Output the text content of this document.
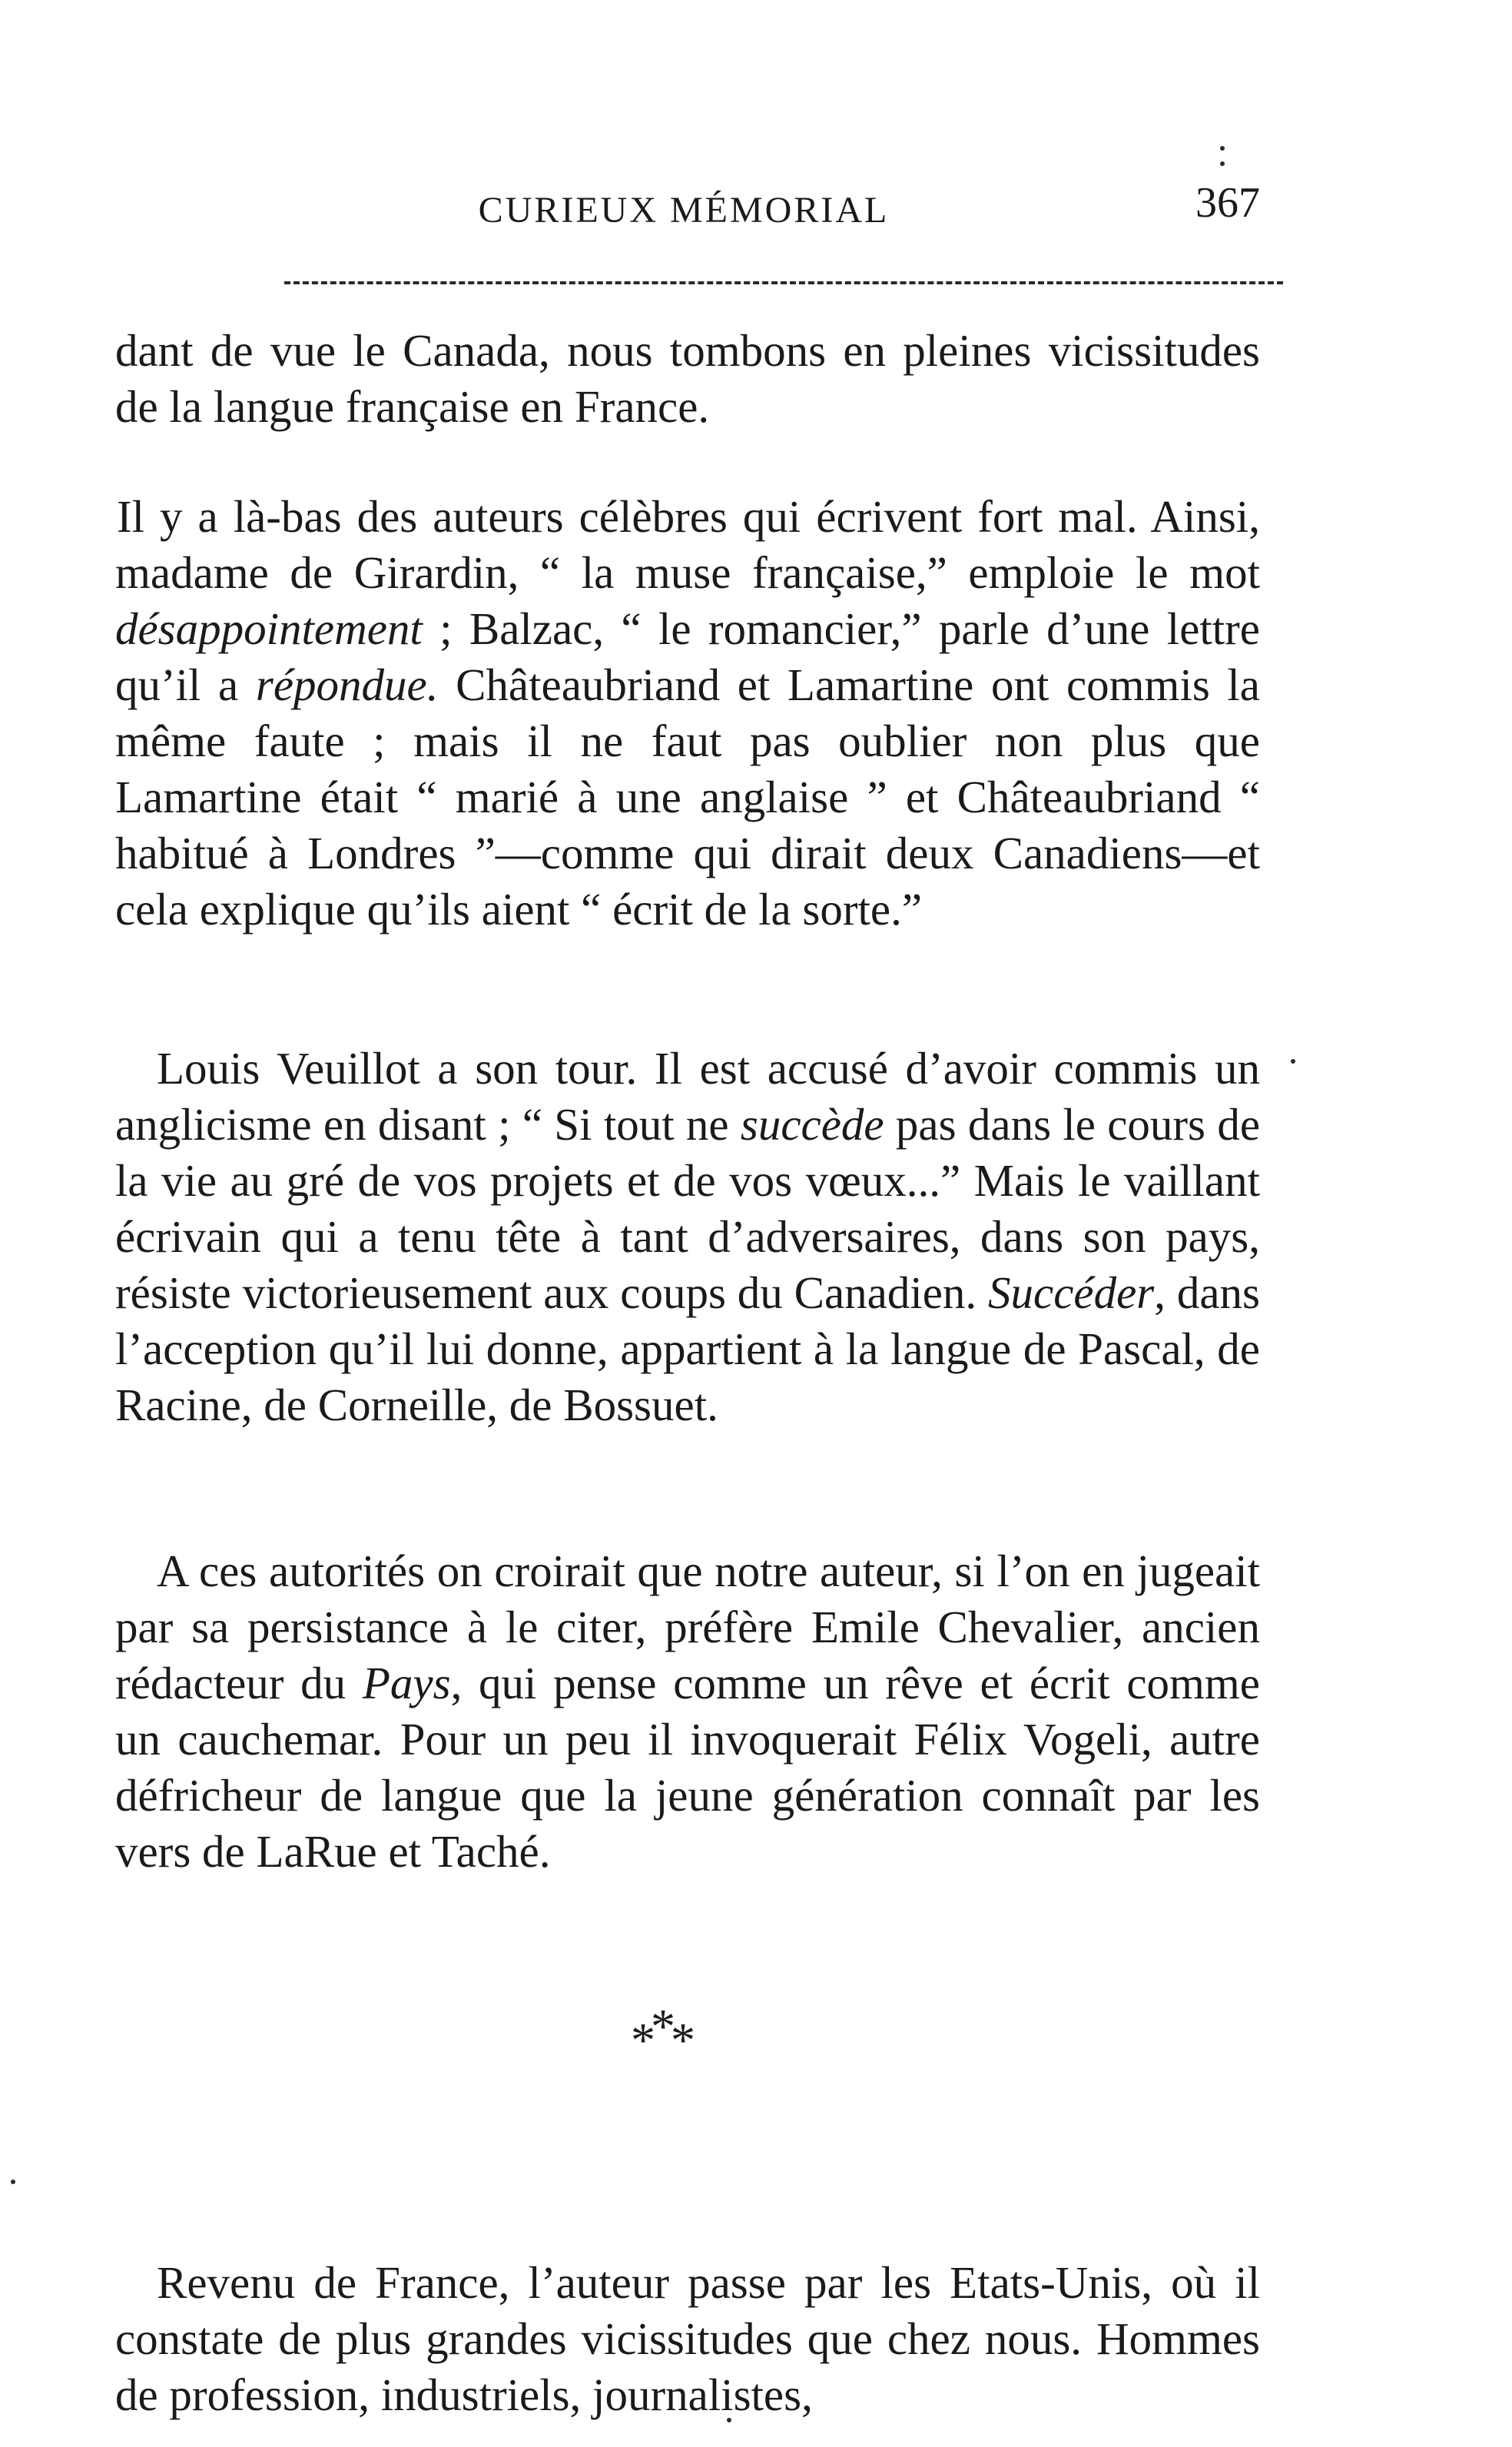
CURIEUX MÉMORIAL	367

dant de vue le Canada, nous tombons en pleines vicissitudes de la langue française en France.

Il y a là-bas des auteurs célèbres qui écrivent fort mal. Ainsi, madame de Girardin, “ la muse française,” emploie le mot désappointement ; Balzac, “ le romancier,” parle d’une lettre qu’il a répondue. Châteaubriand et Lamartine ont commis la même faute ; mais il ne faut pas oublier non plus que Lamartine était “ marié à une anglaise ” et Châteaubriand “ habitué à Londres ”—comme qui dirait deux Canadiens—et cela explique qu’ils aient “ écrit de la sorte.”

Louis Veuillot a son tour. Il est accusé d’avoir commis un anglicisme en disant ; “ Si tout ne succède pas dans le cours de la vie au gré de vos projets et de vos vœux...” Mais le vaillant écrivain qui a tenu tête à tant d’adversaires, dans son pays, résiste victorieusement aux coups du Canadien. Succéder, dans l’acception qu’il lui donne, appartient à la langue de Pascal, de Racine, de Corneille, de Bossuet.

A ces autorités on croirait que notre auteur, si l’on en jugeait par sa persistance à le citer, préfère Emile Chevalier, ancien rédacteur du Pays, qui pense comme un rêve et écrit comme un cauchemar. Pour un peu il invoquerait Félix Vogeli, autre défricheur de langue que la jeune génération connaît par les vers de LaRue et Taché.

***

Revenu de France, l’auteur passe par les Etats-Unis, où il constate de plus grandes vicissitudes que chez nous. Hommes de profession, industriels, journalistes,
